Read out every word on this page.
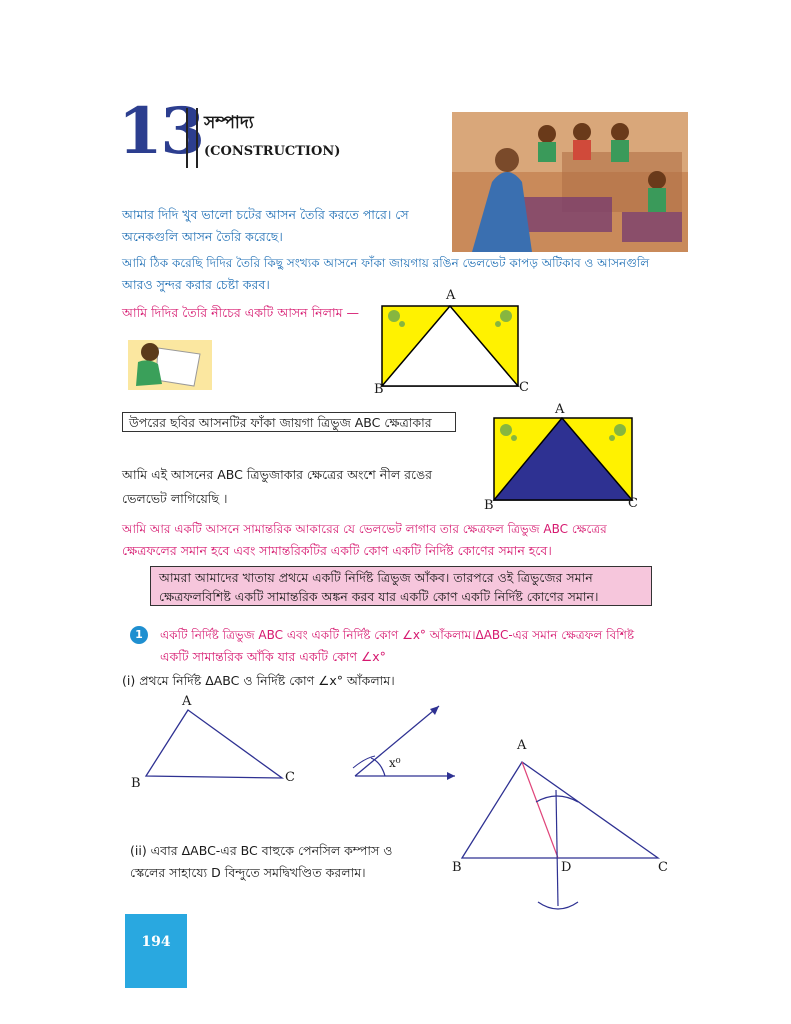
13 সম্পাদ্য
(CONSTRUCTION)
আমার দিদি খুব ভালো চটের আসন তৈরি করতে পারে। সে
অনেকগুলি আসন তৈরি করেছে।
আমি ঠিক করেছি দিদির তৈরি কিছু সংখ্যক আসনে ফাঁকা জায়গায় রঙিন ভেলভেট কাপড় অটিকাব ও আসনগুলি
আরও সুন্দর করার চেষ্টা করব।
আমি দিদির তৈরি নীচের একটি আসন নিলাম —
A
B	C
উপরের ছবির আসনটির ফাঁকা জায়গা ত্রিভুজ ABC ক্ষেত্রাকার
A
B	C
আমি এই আসনের ABC ত্রিভুজাকার ক্ষেত্রের অংশে নীল রঙের
ভেলভেট লাগিয়েছি ।
আমি আর একটি আসনে সামান্তরিক আকারের যে ভেলভেট লাগাব তার ক্ষেত্রফল ত্রিভুজ ABC ক্ষেত্রের
ক্ষেত্রফলের সমান হবে এবং সামান্তরিকটির একটি কোণ একটি নির্দিষ্ট কোণের সমান হবে।
আমরা আমাদের খাতায় প্রথমে একটি নির্দিষ্ট ত্রিভুজ আঁকব। তারপরে ওই ত্রিভুজের সমান
ক্ষেত্রফলবিশিষ্ট একটি সামান্তরিক অঙ্কন করব যার একটি কোণ একটি নির্দিষ্ট কোণের সমান।
1	একটি নির্দিষ্ট ত্রিভুজ ABC এবং একটি নির্দিষ্ট কোণ ∠x° আঁকলাম।ΔABC-এর সমান ক্ষেত্রফল বিশিষ্ট
একটি সামান্তরিক আঁকি যার একটি কোণ ∠x°
(i) প্রথমে নির্দিষ্ট ΔABC ও নির্দিষ্ট কোণ ∠x° আঁকলাম।
A
B	C
x⁰
A
B	C
D
(ii) এবার ΔABC-এর BC বাহুকে পেনসিল কম্পাস ও
স্কেলের সাহায্যে D বিন্দুতে সমদ্বিখণ্ডিত করলাম।
194
